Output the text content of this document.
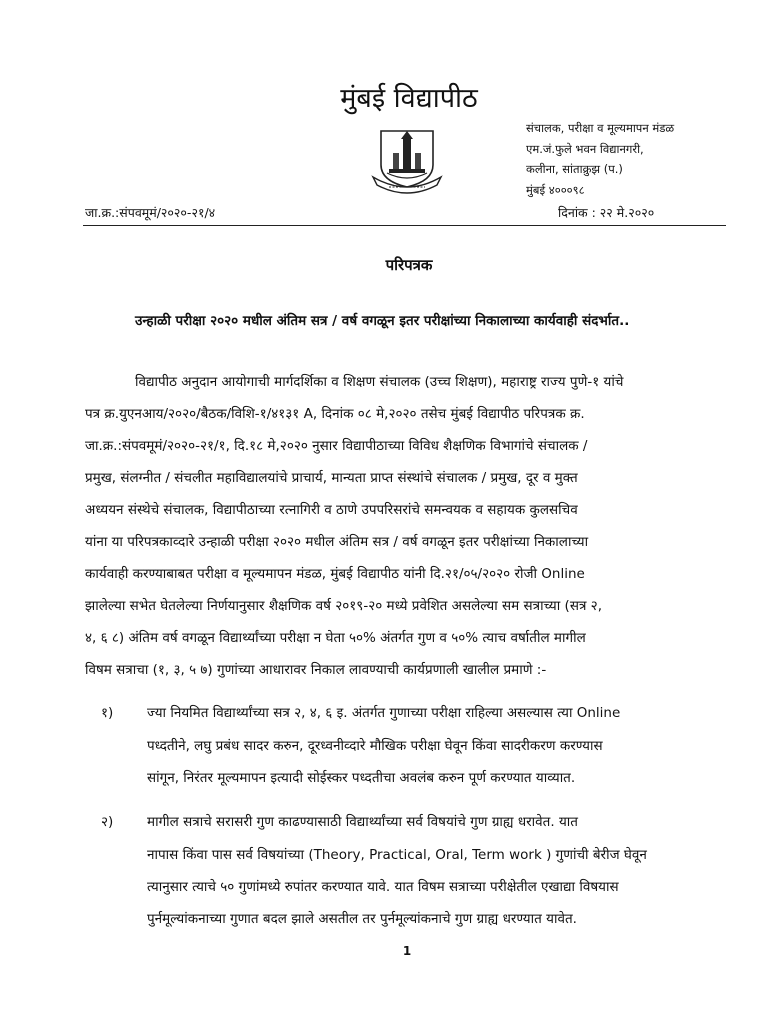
मुंबई विद्यापीठ
संचालक, परीक्षा व मूल्यमापन मंडळ
एम.जं.फुले भवन विद्यानगरी,
कलीना, सांताक्रुझ (प.)
मुंबई ४०००९८
जा.क्र.:संपवमूमं/२०२०-२१/४	दिनांक : २२ मे.२०२०
परिपत्रक
उन्हाळी परीक्षा २०२० मधील अंतिम सत्र / वर्ष वगळून इतर परीक्षांच्या निकालाच्या कार्यवाही संदर्भात..
विद्यापीठ अनुदान आयोगाची मार्गदर्शिका व शिक्षण संचालक (उच्च शिक्षण), महाराष्ट्र राज्य पुणे-१ यांचे
पत्र क्र.युएनआय/२०२०/बैठक/विशि-१/४१३१ A, दिनांक ०८ मे,२०२० तसेच मुंबई विद्यापीठ परिपत्रक क्र.
जा.क्र.:संपवमूमं/२०२०-२१/१, दि.१८ मे,२०२० नुसार विद्यापीठाच्या विविध शैक्षणिक विभागांचे संचालक /
प्रमुख, संलग्नीत / संचलीत महाविद्यालयांचे प्राचार्य, मान्यता प्राप्त संस्थांचे संचालक / प्रमुख, दूर व मुक्त
अध्ययन संस्थेचे संचालक, विद्यापीठाच्या रत्नागिरी व ठाणे उपपरिसरांचे समन्वयक व सहायक कुलसचिव
यांना या परिपत्रकाव्दारे उन्हाळी परीक्षा २०२० मधील अंतिम सत्र / वर्ष वगळून इतर परीक्षांच्या निकालाच्या
कार्यवाही करण्याबाबत परीक्षा व मूल्यमापन मंडळ, मुंबई विद्यापीठ यांनी दि.२१/०५/२०२० रोजी Online
झालेल्या सभेत घेतलेल्या निर्णयानुसार शैक्षणिक वर्ष २०१९-२० मध्ये प्रवेशित असलेल्या सम सत्राच्या (सत्र २,
४, ६ ८) अंतिम वर्ष वगळून विद्यार्थ्यांच्या परीक्षा न घेता ५०% अंतर्गत गुण व ५०% त्याच वर्षातील मागील
विषम सत्राचा (१, ३, ५ ७) गुणांच्या आधारावर निकाल लावण्याची कार्यप्रणाली खालील प्रमाणे :-
१) ज्या नियमित विद्यार्थ्यांच्या सत्र २, ४, ६ इ. अंतर्गत गुणाच्या परीक्षा राहिल्या असल्यास त्या Online
पध्दतीने, लघु प्रबंध सादर करुन, दूरध्वनीव्दारे मौखिक परीक्षा घेवून किंवा सादरीकरण करण्यास
सांगून, निरंतर मूल्यमापन इत्यादी सोईस्कर पध्दतीचा अवलंब करुन पूर्ण करण्यात याव्यात.
२) मागील सत्राचे सरासरी गुण काढण्यासाठी विद्यार्थ्यांच्या सर्व विषयांचे गुण ग्राह्य धरावेत. यात
नापास किंवा पास सर्व विषयांच्या (Theory, Practical, Oral, Term work ) गुणांची बेरीज घेवून
त्यानुसार त्याचे ५० गुणांमध्ये रुपांतर करण्यात यावे. यात विषम सत्राच्या परीक्षेतील एखाद्या विषयास
पुर्नमूल्यांकनाच्या गुणात बदल झाले असतील तर पुर्नमूल्यांकनाचे गुण ग्राह्य धरण्यात यावेत.
1
